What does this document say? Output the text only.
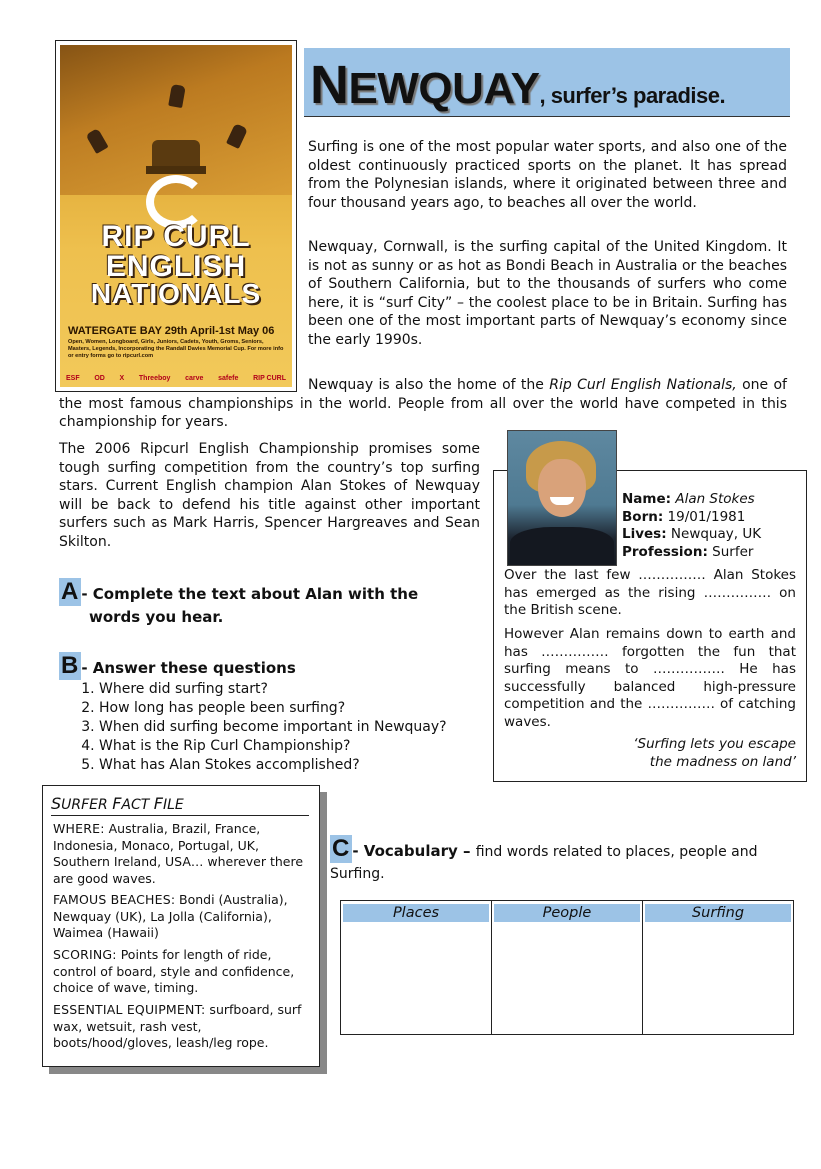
RIP CURL
ENGLISH
NATIONALS
WATERGATE BAY 29th April-1st May 06
Open, Women, Longboard, Girls, Juniors, Cadets, Youth, Groms, Seniors, Masters, Legends, Incorporating the Randall Davies Memorial Cup. For more info or entry forms go to ripcurl.com
ESF OD X Threeboy carve safefe RIP CURL
NEWQUAY, surfer’s paradise.
Surfing is one of the most popular water sports, and also one of the oldest continuously practiced sports on the planet. It has spread from the Polynesian islands, where it originated between three and four thousand years ago, to beaches all over the world.
Newquay, Cornwall, is the surfing capital of the United Kingdom. It is not as sunny or as hot as Bondi Beach in Australia or the beaches of Southern California, but to the thousands of surfers who come here, it is “surf City” – the coolest place to be in Britain. Surfing has been one of the most important parts of Newquay’s economy since the early 1990s.
Newquay is also the home of the Rip Curl English Nationals, one of the most famous championships in the world. People from all over the world have competed in this championship for years.
The 2006 Ripcurl English Championship promises some tough surfing competition from the country’s top surfing stars. Current English champion Alan Stokes of Newquay will be back to defend his title against other important surfers such as Mark Harris, Spencer Hargreaves and Sean Skilton.
Name: Alan Stokes
Born: 19/01/1981
Lives: Newquay, UK
Profession: Surfer
Over the last few …………… Alan Stokes has emerged as the rising …………… on the British scene.
However Alan remains down to earth and has …………… forgotten the fun that surfing means to ……………. He has successfully balanced high-pressure competition and the …………… of catching waves.
‘Surfing lets you escape
the madness on land’
A - Complete the text about Alan with the
words you hear.
B - Answer these questions
1. Where did surfing start?
2. How long has people been surfing?
3. When did surfing become important in Newquay?
4. What is the Rip Curl Championship?
5. What has Alan Stokes accomplished?
SURFER FACT FILE
WHERE: Australia, Brazil, France, Indonesia, Monaco, Portugal, UK, Southern Ireland, USA… wherever there are good waves.
FAMOUS BEACHES: Bondi (Australia), Newquay (UK), La Jolla (California), Waimea (Hawaii)
SCORING: Points for length of ride, control of board, style and confidence, choice of wave, timing.
ESSENTIAL EQUIPMENT: surfboard, surf wax, wetsuit, rash vest, boots/hood/gloves, leash/leg rope.
C - Vocabulary – find words related to places, people and Surfing.
Places	People	Surfing
